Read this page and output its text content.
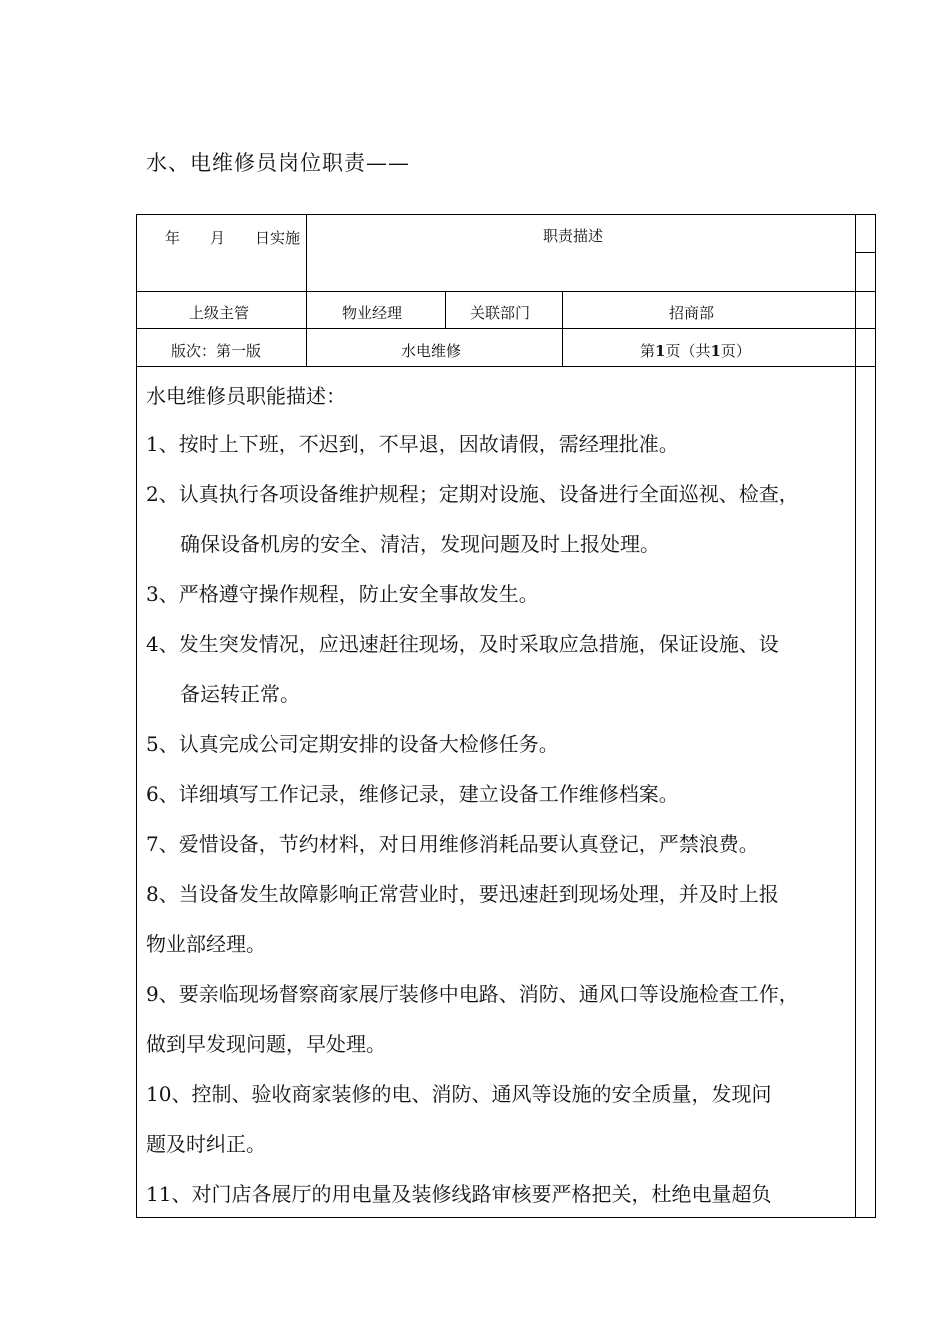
水、电维修员岗位职责——
年　　月　　日实施	职责描述
上级主管	物业经理	关联部门	招商部
版次：第一版	水电维修	第1页（共1页）

水电维修员职能描述：

1、按时上下班，不迟到，不早退，因故请假，需经理批准。

2、认真执行各项设备维护规程；定期对设施、设备进行全面巡视、检查，

确保设备机房的安全、清洁，发现问题及时上报处理。

3、严格遵守操作规程，防止安全事故发生。

4、发生突发情况，应迅速赶往现场，及时采取应急措施，保证设施、设

备运转正常。

5、认真完成公司定期安排的设备大检修任务。

6、详细填写工作记录，维修记录，建立设备工作维修档案。

7、爱惜设备，节约材料，对日用维修消耗品要认真登记，严禁浪费。

8、当设备发生故障影响正常营业时，要迅速赶到现场处理，并及时上报

物业部经理。

9、要亲临现场督察商家展厅装修中电路、消防、通风口等设施检查工作，

做到早发现问题，早处理。

10、控制、验收商家装修的电、消防、通风等设施的安全质量，发现问

题及时纠正。

11、对门店各展厅的用电量及装修线路审核要严格把关，杜绝电量超负
